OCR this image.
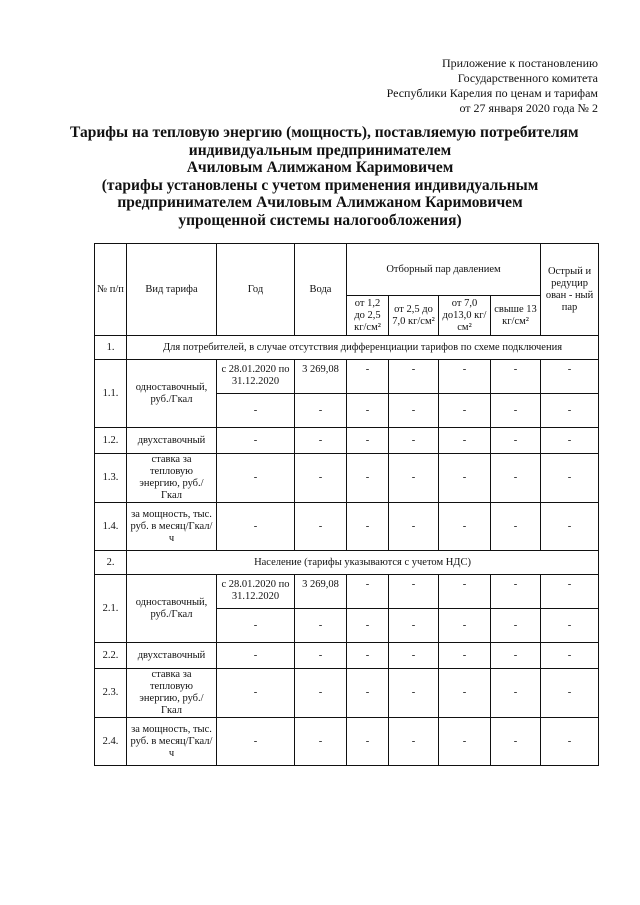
Приложение к постановлению
Государственного комитета
Республики Карелия по ценам и тарифам
от 27 января 2020 года № 2
Тарифы на тепловую энергию (мощность), поставляемую потребителям
индивидуальным предпринимателем
Ачиловым Алимжаном Каримовичем
(тарифы установлены с учетом применения индивидуальным
предпринимателем Ачиловым Алимжаном Каримовичем
упрощенной системы налогообложения)
№ п/п	Вид тарифа	Год	Вода	Отборный пар давлением				Острый и редуцир ован - ный пар
				от 1,2 до 2,5 кг/см²	от 2,5 до 7,0 кг/см²	от 7,0 до13,0 кг/см²	свыше 13 кг/см²	
1.	Для потребителей, в случае отсутствия дифференциации тарифов по схеме подключения							
1.1.	одноставочный, руб./Гкал	с 28.01.2020 по 31.12.2020	3 269,08	-	-	-	-	-
		-	-	-	-	-	-	-
1.2.	двухставочный	-	-	-	-	-	-	-
1.3.	ставка за тепловую энергию, руб./Гкал	-	-	-	-	-	-	-
1.4.	за мощность, тыс. руб. в месяц/Гкал/ч	-	-	-	-	-	-	-
2.	Население (тарифы указываются с учетом НДС)							
2.1.	одноставочный, руб./Гкал	с 28.01.2020 по 31.12.2020	3 269,08	-	-	-	-	-
		-	-	-	-	-	-	-
2.2.	двухставочный	-	-	-	-	-	-	-
2.3.	ставка за тепловую энергию, руб./Гкал	-	-	-	-	-	-	-
2.4.	за мощность, тыс. руб. в месяц/Гкал/ч	-	-	-	-	-	-	-
